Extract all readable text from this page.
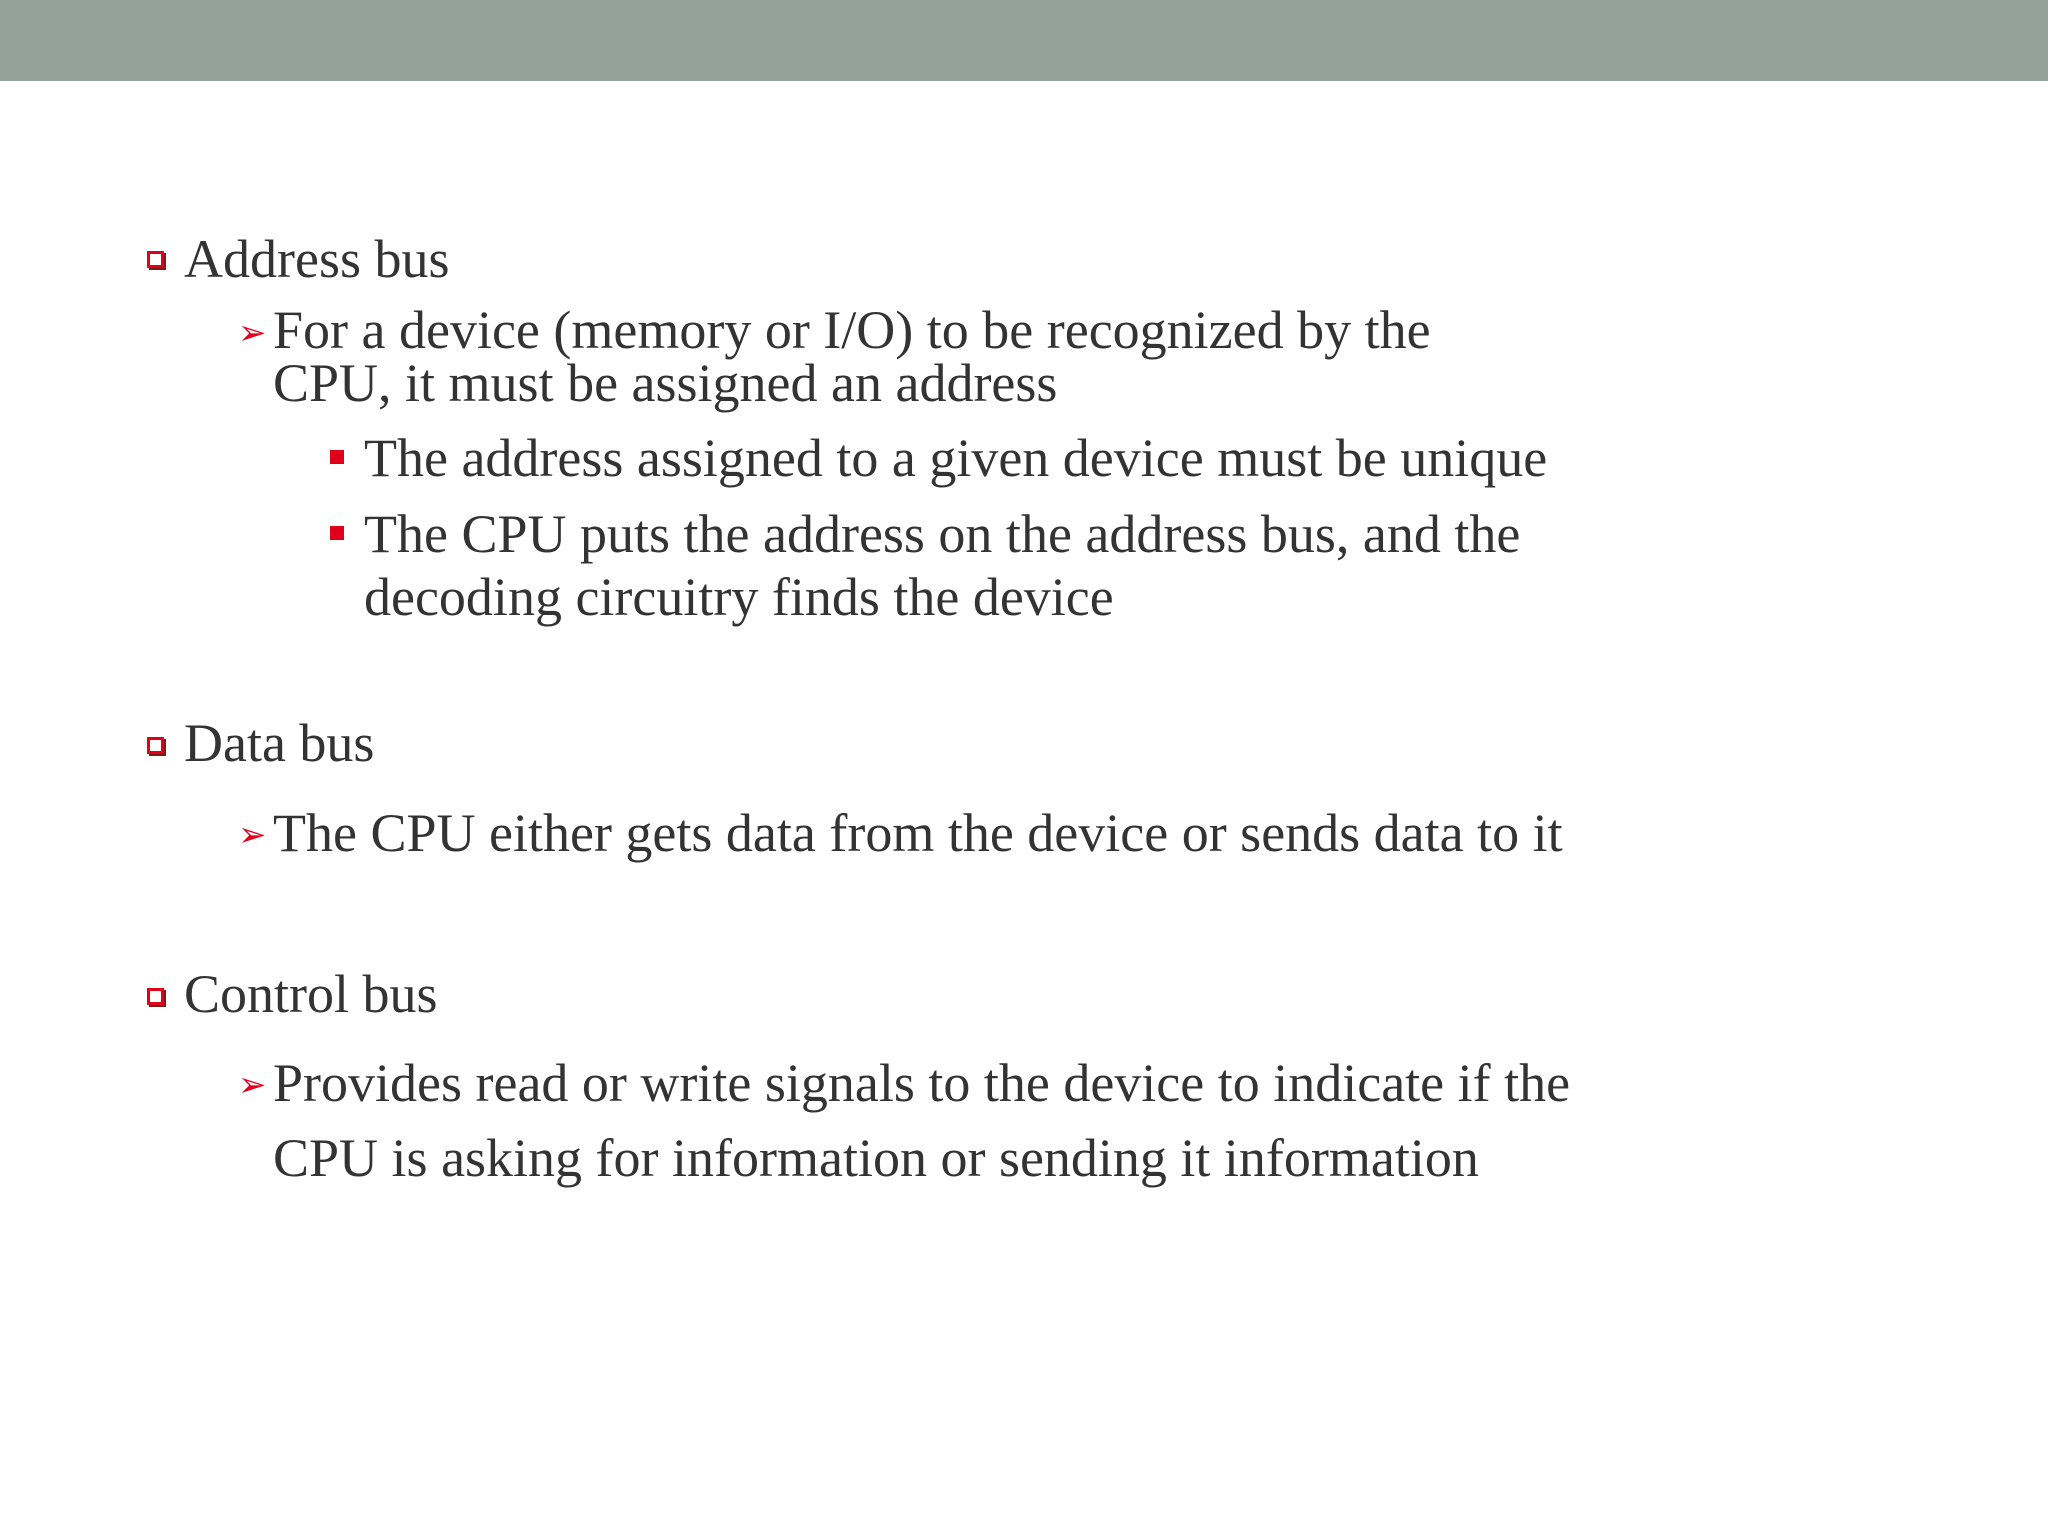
Address bus
➢ For a device (memory or I/O) to be recognized by the
CPU, it must be assigned an address
The address assigned to a given device must be unique
The CPU puts the address on the address bus, and the
decoding circuitry finds the device
Data bus
➢ The CPU either gets data from the device or sends data to it
Control bus
➢ Provides read or write signals to the device to indicate if the
CPU is asking for information or sending it information
